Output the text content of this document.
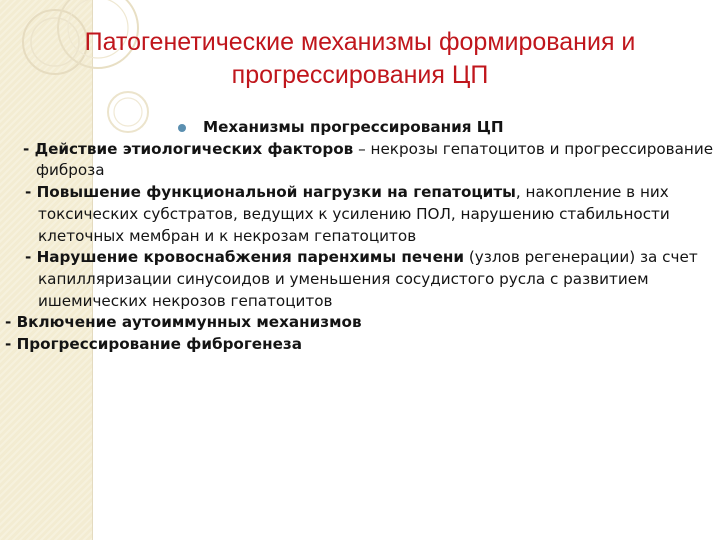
Патогенетические механизмы формирования и
прогрессирования ЦП
Механизмы прогрессирования ЦП
- Действие этиологических факторов – некрозы гепатоцитов и прогрессирование фиброза
- Повышение функциональной нагрузки на гепатоциты, накопление в них токсических субстратов, ведущих к усилению ПОЛ, нарушению стабильности клеточных мембран и к некрозам гепатоцитов
- Нарушение кровоснабжения паренхимы печени (узлов регенерации) за счет капилляризации синусоидов и уменьшения сосудистого русла с развитием ишемических некрозов гепатоцитов
- Включение аутоиммунных механизмов
- Прогрессирование фиброгенеза
